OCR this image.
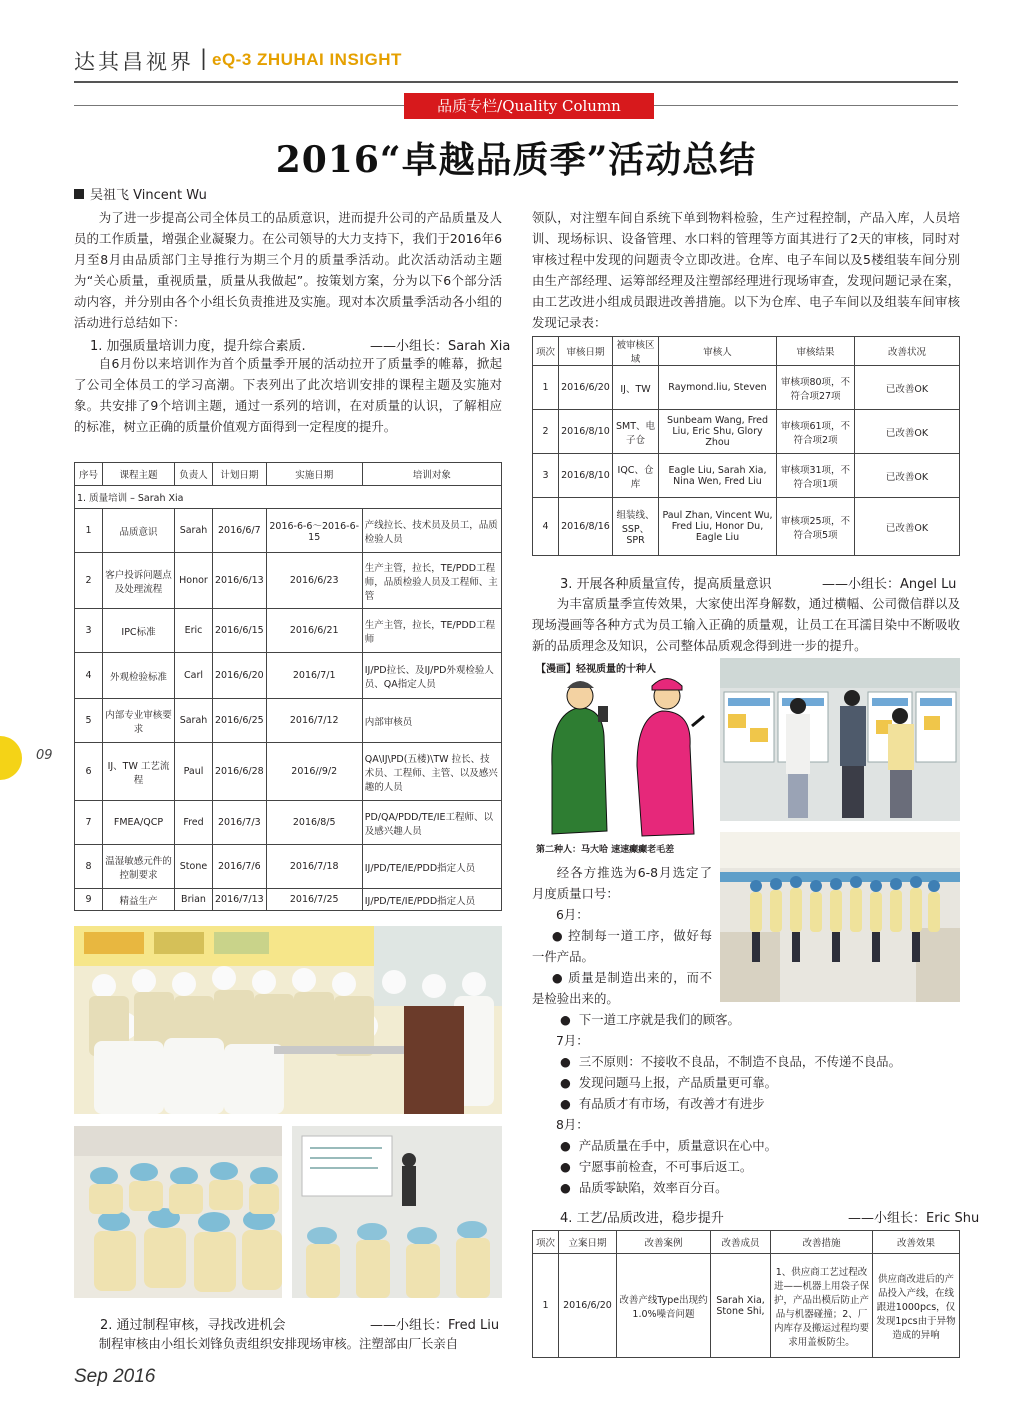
达其昌视界 | eQ-3 ZHUHAI INSIGHT
品质专栏/Quality Column
2016“卓越品质季”活动总结
吴祖飞 Vincent Wu
为了进一步提高公司全体员工的品质意识，进而提升公司的产品质量及人员的工作质量，增强企业凝聚力。在公司领导的大力支持下，我们于2016年6月至8月由品质部门主导推行为期三个月的质量季活动。此次活动活动主题为“关心质量，重视质量，质量从我做起”。按策划方案，分为以下6个部分活动内容，并分别由各个小组长负责推进及实施。现对本次质量季活动各小组的活动进行总结如下：
1. 加强质量培训力度，提升综合素质.	——小组长：Sarah Xia
自6月份以来培训作为首个质量季开展的活动拉开了质量季的帷幕，掀起了公司全体员工的学习高潮。下表列出了此次培训安排的课程主题及实施对象。共安排了9个培训主题，通过一系列的培训，在对质量的认识，了解相应的标准，树立正确的质量价值观方面得到一定程度的提升。
序号	课程主题	负责人	计划日期	实施日期	培训对象
1. 质量培训 – Sarah Xia					
1	品质意识	Sarah	2016/6/7	2016-6-6～2016-6-15	产线拉长、技术员及员工，品质检验人员
2	客户投诉问题点及处理流程	Honor	2016/6/13	2016/6/23	生产主管，拉长，TE/PDD工程师，品质检验人员及工程师、主管
3	IPC标准	Eric	2016/6/15	2016/6/21	生产主管，拉长，TE/PDD工程师
4	外观检验标准	Carl	2016/6/20	2016/7/1	IJ/PD拉长、及IJ/PD外观检验人员、QA指定人员
5	内部专业审核要求	Sarah	2016/6/25	2016/7/12	内部审核员
6	IJ、TW 工艺流程	Paul	2016/6/28	2016//9/2	QA\IJ\PD(五楼)\TW 拉长、技术员、工程师、主管、以及感兴趣的人员
7	FMEA/QCP	Fred	2016/7/3	2016/8/5	PD/QA/PDD/TE/IE工程师、以及感兴趣人员
8	温湿敏感元件的控制要求	Stone	2016/7/6	2016/7/18	IJ/PD/TE/IE/PDD指定人员
9	精益生产	Brian	2016/7/13	2016/7/25	IJ/PD/TE/IE/PDD指定人员
2. 通过制程审核，寻找改进机会	——小组长：Fred Liu
制程审核由小组长刘锋负责组织安排现场审核。注塑部由厂长亲自
领队，对注塑车间自系统下单到物料检验，生产过程控制，产品入库，人员培训、现场标识、设备管理、水口料的管理等方面其进行了2天的审核，同时对审核过程中发现的问题责令立即改进。仓库、电子车间以及5楼组装车间分别由生产部经理、运筹部经理及注塑部经理进行现场审查，发现问题记录在案，由工艺改进小组成员跟进改善措施。以下为仓库、电子车间以及组装车间审核发现记录表：
项次	审核日期	被审核区域	审核人	审核结果	改善状况
1	2016/6/20	IJ、TW	Raymond.liu, Steven	审核项80项，不符合项27项	已改善OK
2	2016/8/10	SMT、电子仓	Sunbeam Wang, Fred Liu, Eric Shu, Glory Zhou	审核项61项，不符合项2项	已改善OK
3	2016/8/10	IQC、仓库	Eagle Liu, Sarah Xia, Nina Wen, Fred Liu	审核项31项，不符合项1项	已改善OK
4	2016/8/16	组装线、SSP、SPR	Paul Zhan, Vincent Wu, Fred Liu, Honor Du, Eagle Liu	审核项25项，不符合项5项	已改善OK
3. 开展各种质量宣传，提高质量意识	——小组长：Angel Lu
为丰富质量季宣传效果，大家使出浑身解数，通过横幅、公司微信群以及现场漫画等各种方式为员工输入正确的质量观，让员工在耳濡目染中不断吸收新的品质理念及知识，公司整体品质观念得到进一步的提升。
【漫画】轻视质量的十种人
第二种人：马大哈 速速癫癫老毛差
经各方推选为6-8月选定了月度质量口号：
6月：
● 控制每一道工序，做好每一件产品。
● 质量是制造出来的，而不是检验出来的。
● 下一道工序就是我们的顾客。
7月：
● 三不原则：不接收不良品，不制造不良品，不传递不良品。
● 发现问题马上报，产品质量更可靠。
● 有品质才有市场，有改善才有进步
8月：
● 产品质量在手中，质量意识在心中。
● 宁愿事前检查，不可事后返工。
● 品质零缺陷，效率百分百。
4. 工艺/品质改进，稳步提升	——小组长：Eric Shu
项次	立案日期	改善案例	改善成员	改善措施	改善效果
1	2016/6/20	改善产线Type出现约1.0%噪音问题	Sarah Xia, Stone Shi,	1、供应商工艺过程改进——机器上用袋子保护，产品出模后防止产品与机器碰撞；2、厂内库存及搬运过程均要求用盖板防尘。	供应商改进后的产品投入产线，在线跟进1000pcs，仅发现1pcs由于异物造成的异响
09
Sep 2016
